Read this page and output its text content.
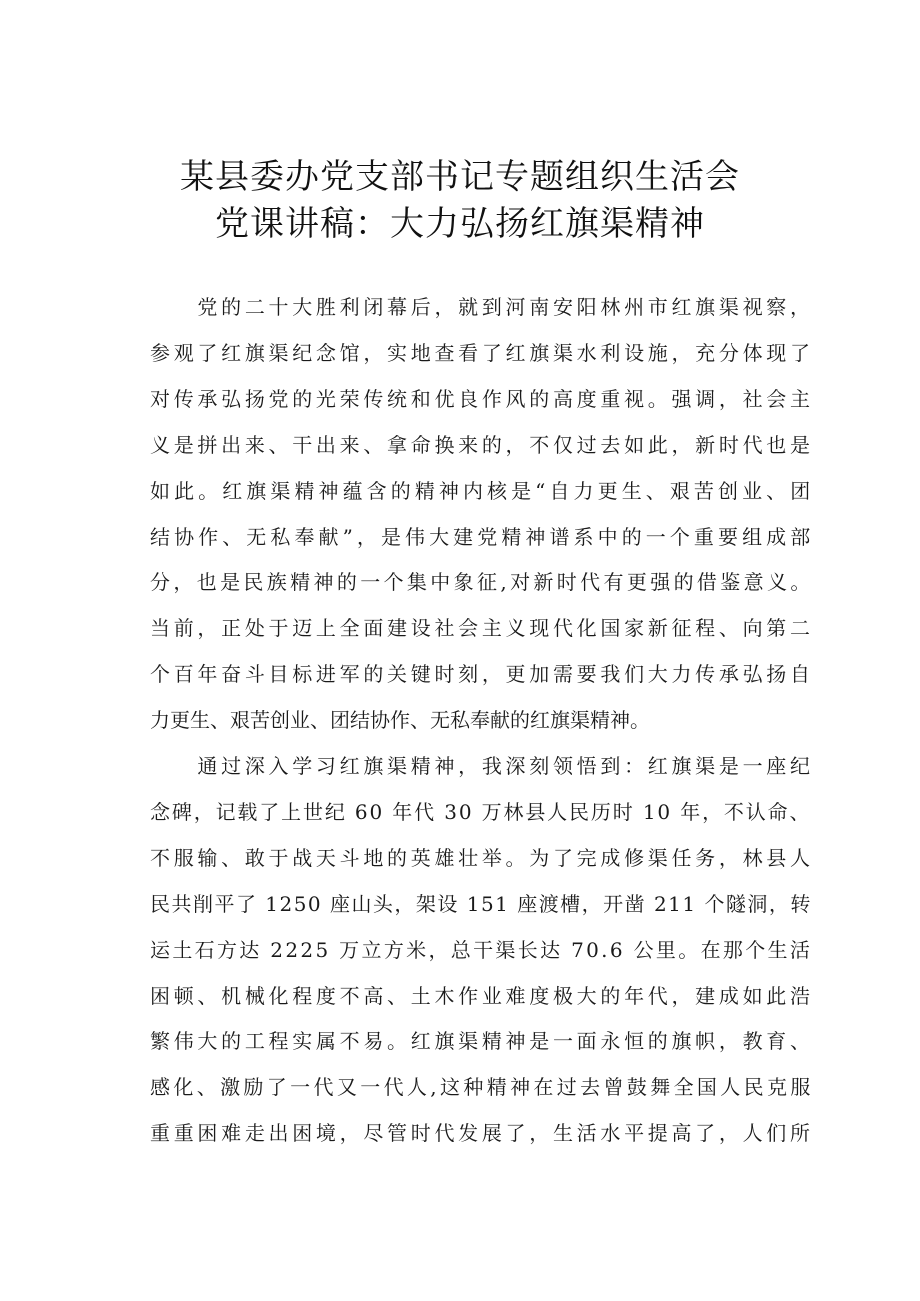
某县委办党支部书记专题组织生活会
党课讲稿：大力弘扬红旗渠精神
　　党的二十大胜利闭幕后，就到河南安阳林州市红旗渠视察，
参观了红旗渠纪念馆，实地查看了红旗渠水利设施，充分体现了
对传承弘扬党的光荣传统和优良作风的高度重视。强调，社会主
义是拼出来、干出来、拿命换来的，不仅过去如此，新时代也是
如此。红旗渠精神蕴含的精神内核是“自力更生、艰苦创业、团
结协作、无私奉献”，是伟大建党精神谱系中的一个重要组成部
分，也是民族精神的一个集中象征,对新时代有更强的借鉴意义。
当前，正处于迈上全面建设社会主义现代化国家新征程、向第二
个百年奋斗目标进军的关键时刻，更加需要我们大力传承弘扬自
力更生、艰苦创业、团结协作、无私奉献的红旗渠精神。
　　通过深入学习红旗渠精神，我深刻领悟到：红旗渠是一座纪
念碑，记载了上世纪 60 年代 30 万林县人民历时 10 年，不认命、
不服输、敢于战天斗地的英雄壮举。为了完成修渠任务，林县人
民共削平了 1250 座山头，架设 151 座渡槽，开凿 211 个隧洞，转
运土石方达 2225 万立方米，总干渠长达 70.6 公里。在那个生活
困顿、机械化程度不高、土木作业难度极大的年代，建成如此浩
繁伟大的工程实属不易。红旗渠精神是一面永恒的旗帜，教育、
感化、激励了一代又一代人,这种精神在过去曾鼓舞全国人民克服
重重困难走出困境，尽管时代发展了，生活水平提高了，人们所
